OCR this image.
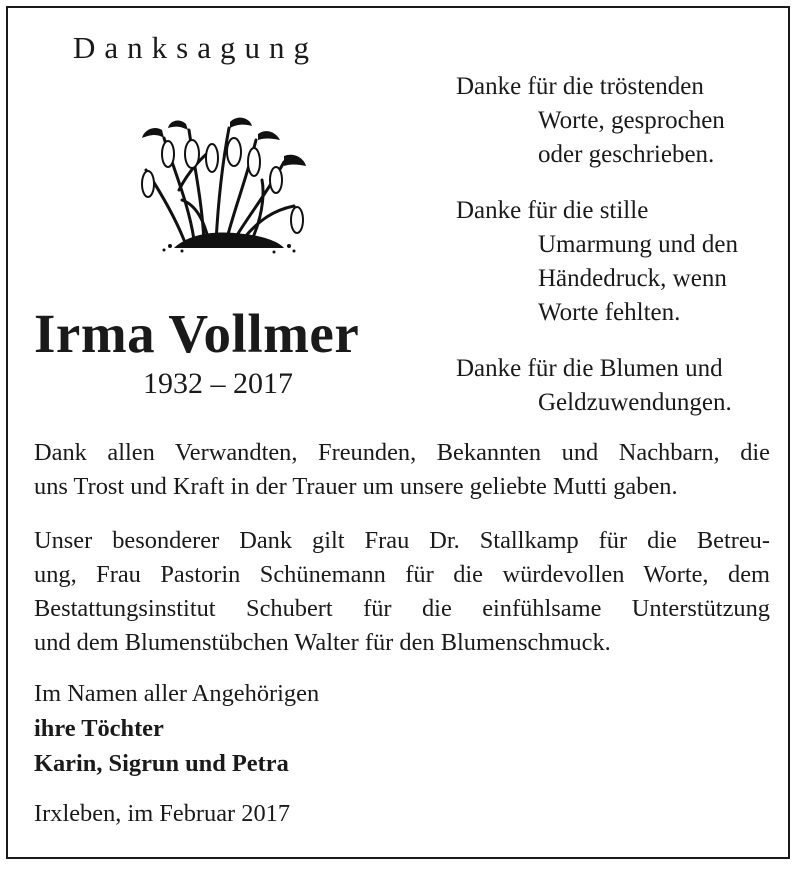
Danksagung
Irma Vollmer
1932 – 2017
Danke für die tröstenden
Worte, gesprochen
oder geschrieben.
Danke für die stille
Umarmung und den
Händedruck, wenn
Worte fehlten.
Danke für die Blumen und
Geldzuwendungen.
Dank allen Verwandten, Freunden, Bekannten und Nachbarn, die
uns Trost und Kraft in der Trauer um unsere geliebte Mutti gaben.
Unser besonderer Dank gilt Frau Dr. Stallkamp für die Betreu-
ung, Frau Pastorin Schünemann für die würdevollen Worte, dem
Bestattungsinstitut Schubert für die einfühlsame Unterstützung
und dem Blumenstübchen Walter für den Blumenschmuck.
Im Namen aller Angehörigen
ihre Töchter
Karin, Sigrun und Petra
Irxleben, im Februar 2017
